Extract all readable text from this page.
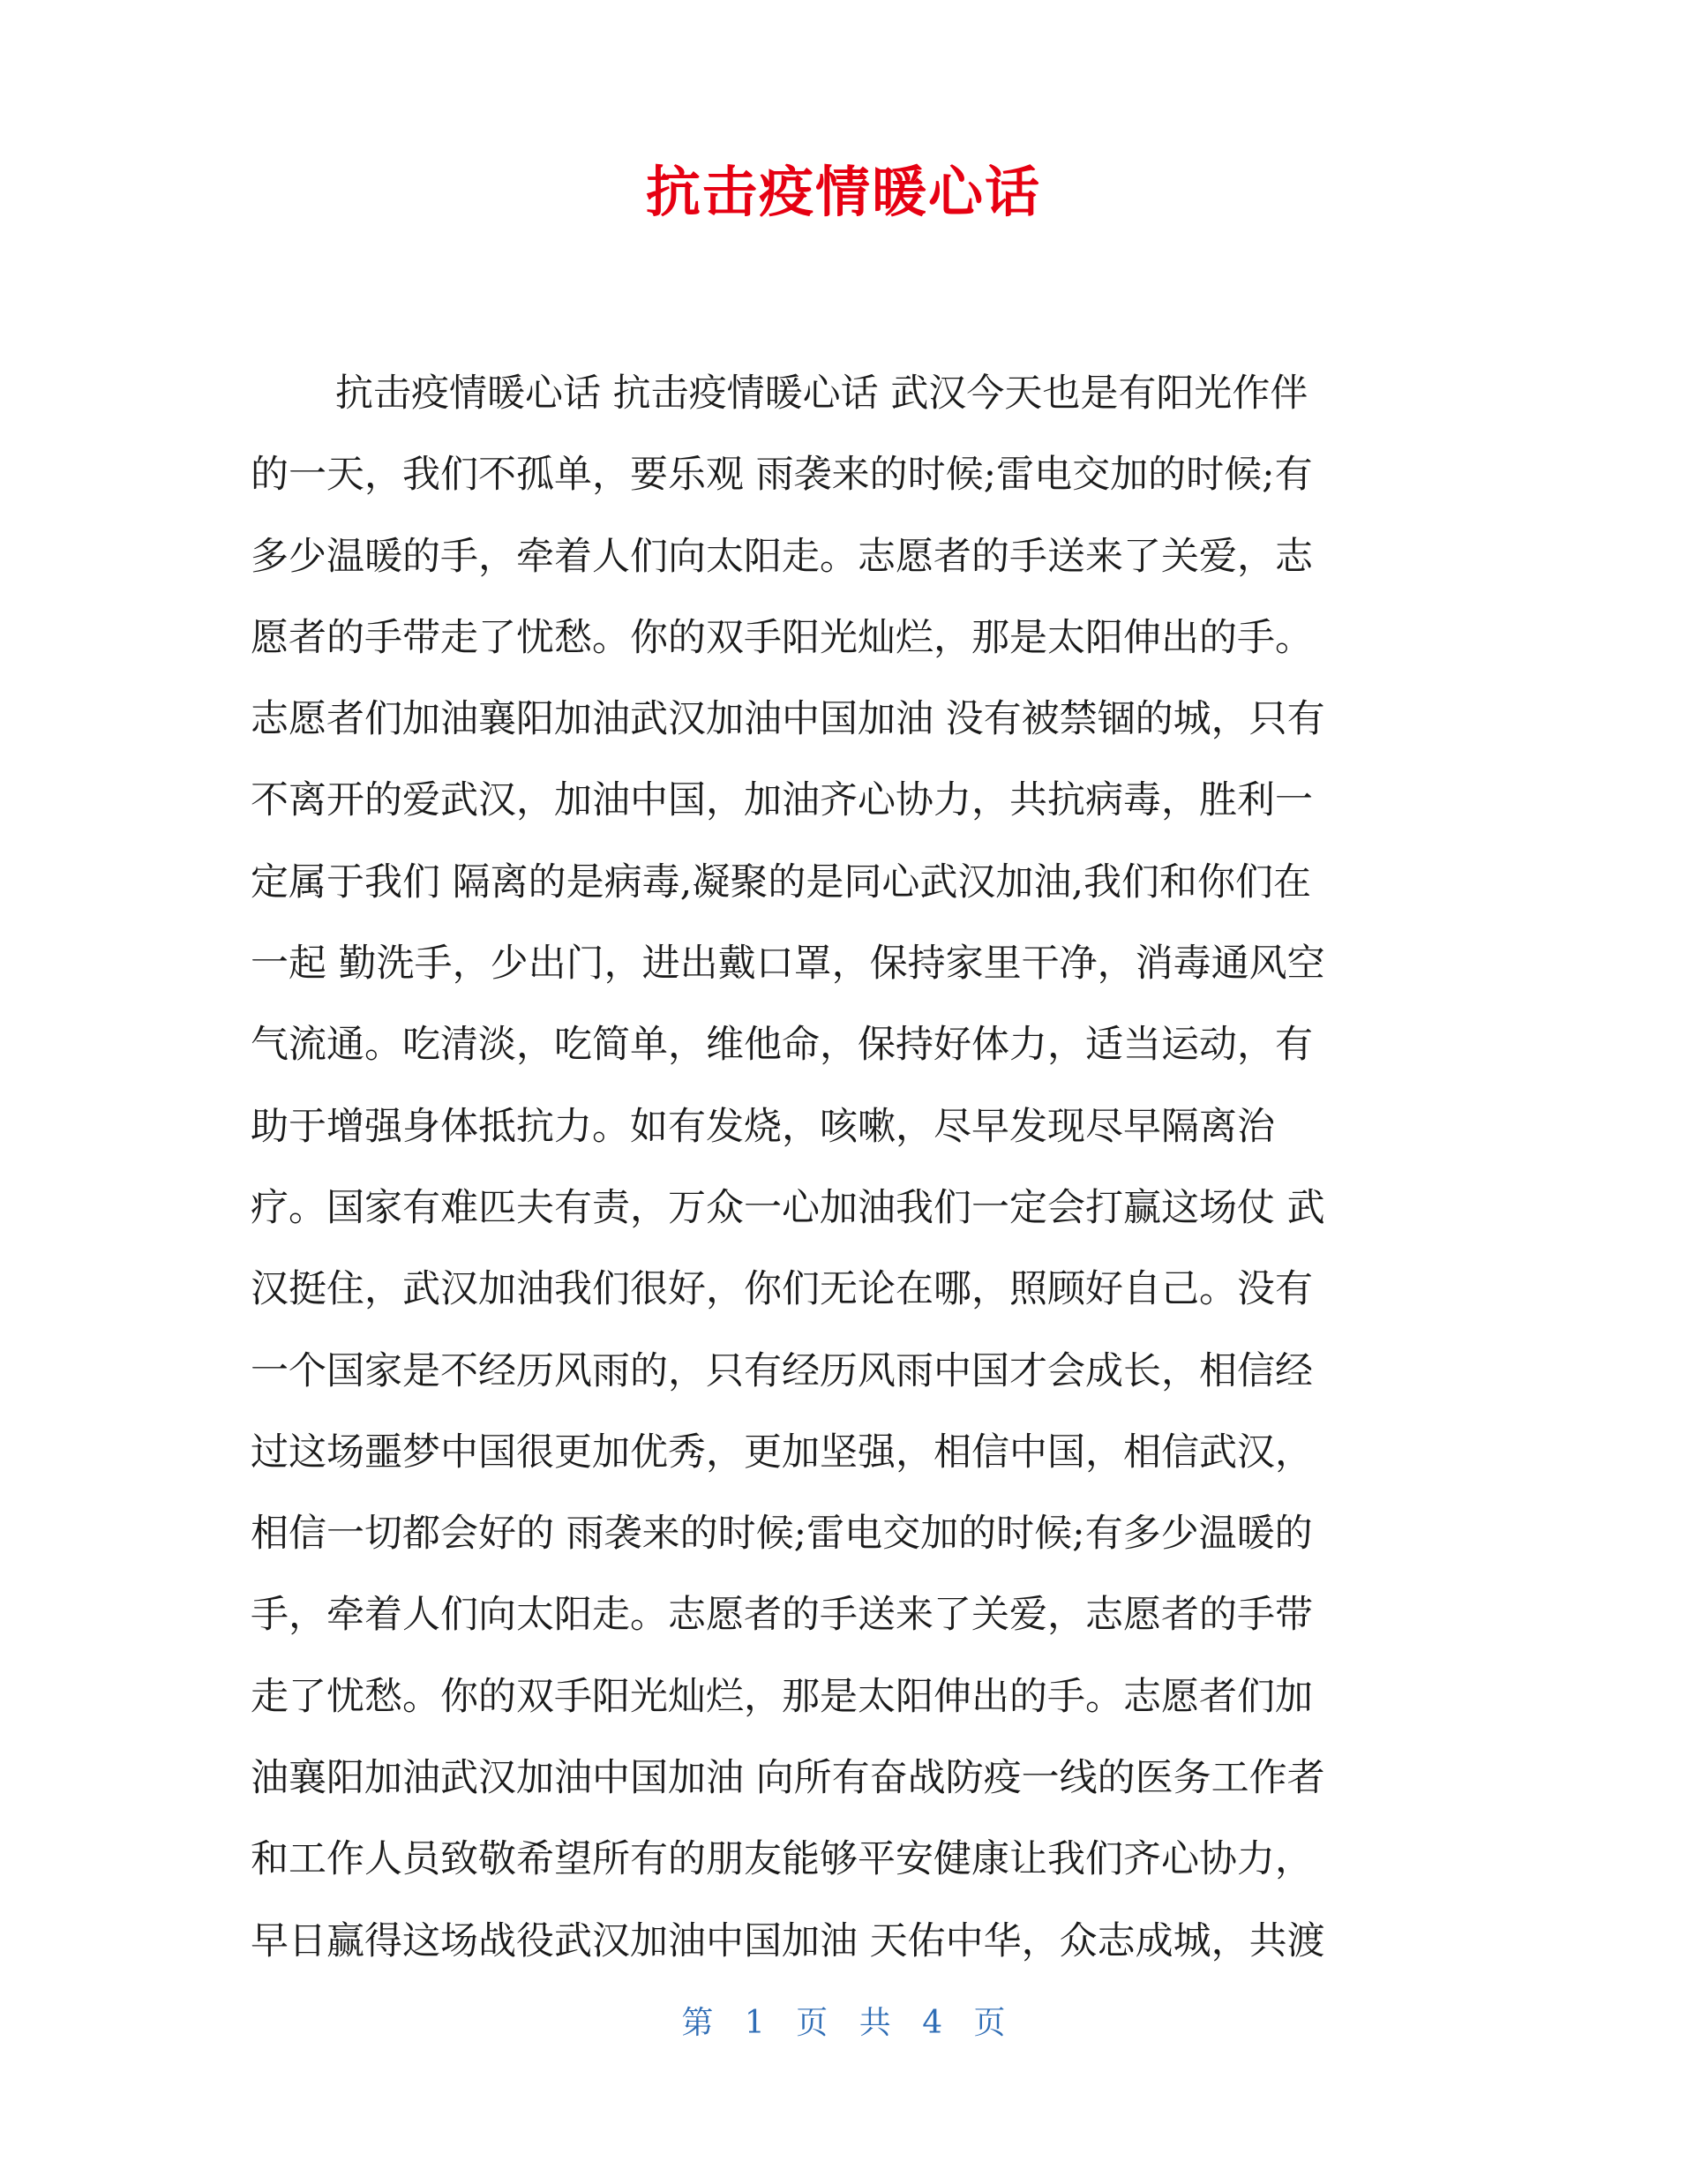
抗击疫情暖心话
抗击疫情暖心话 抗击疫情暖心话 武汉今天也是有阳光作伴
的一天，我们不孤单，要乐观 雨袭来的时候;雷电交加的时候;有
多少温暖的手，牵着人们向太阳走。志愿者的手送来了关爱，志
愿者的手带走了忧愁。你的双手阳光灿烂，那是太阳伸出的手。
志愿者们加油襄阳加油武汉加油中国加油 没有被禁锢的城，只有
不离开的爱武汉，加油中国，加油齐心协力，共抗病毒，胜利一
定属于我们 隔离的是病毒,凝聚的是同心武汉加油,我们和你们在
一起 勤洗手，少出门，进出戴口罩，保持家里干净，消毒通风空
气流通。吃清淡，吃简单，维他命，保持好体力，适当运动，有
助于增强身体抵抗力。如有发烧，咳嗽，尽早发现尽早隔离治
疗。国家有难匹夫有责，万众一心加油我们一定会打赢这场仗 武
汉挺住，武汉加油我们很好，你们无论在哪，照顾好自己。没有
一个国家是不经历风雨的，只有经历风雨中国才会成长，相信经
过这场噩梦中国很更加优秀，更加坚强，相信中国，相信武汉，
相信一切都会好的 雨袭来的时候;雷电交加的时候;有多少温暖的
手，牵着人们向太阳走。志愿者的手送来了关爱，志愿者的手带
走了忧愁。你的双手阳光灿烂，那是太阳伸出的手。志愿者们加
油襄阳加油武汉加油中国加油 向所有奋战防疫一线的医务工作者
和工作人员致敬希望所有的朋友能够平安健康让我们齐心协力，
早日赢得这场战役武汉加油中国加油 天佑中华，众志成城，共渡
第 1 页 共 4 页
